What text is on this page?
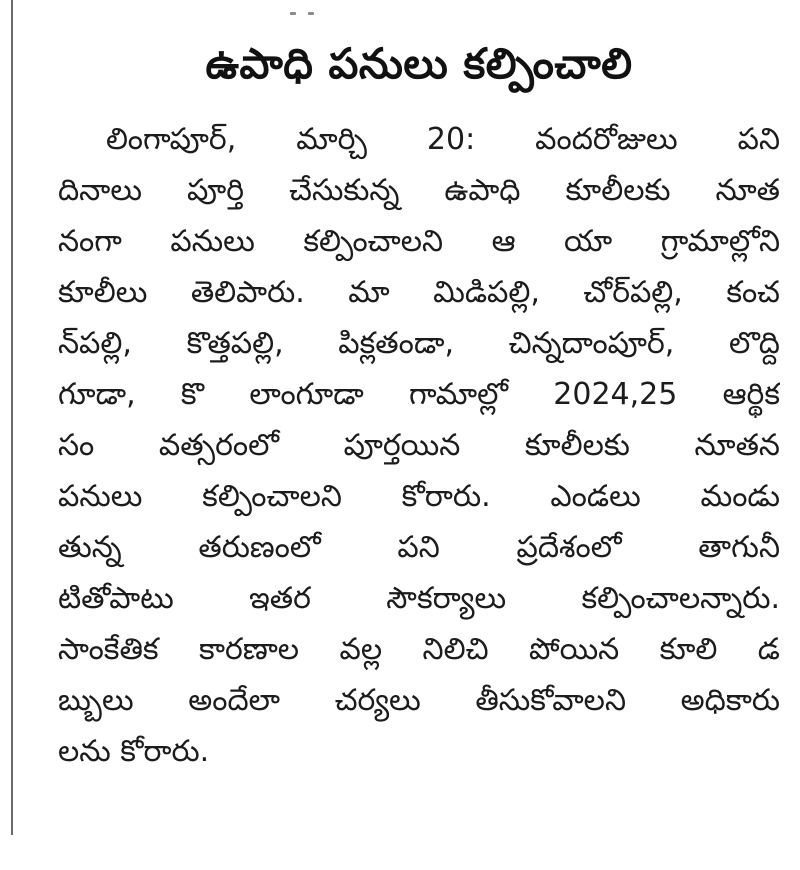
ఉపాధి పనులు కల్పించాలి
లింగాపూర్, మార్చి 20: వందరోజులు పని
దినాలు పూర్తి చేసుకున్న ఉపాధి కూలీలకు నూత
నంగా పనులు కల్పించాలని ఆ యా గ్రామాల్లోని
కూలీలు తెలిపారు. మా మిడిపల్లి, చోర్‌పల్లి, కంచ
న్‌పల్లి, కొత్తపల్లి, పిక్లతండా, చిన్నదాంపూర్, లొద్ది
గూడా, కొ లాంగూడా గామాల్లో 2024,25 ఆర్థిక
సం వత్సరంలో పూర్తయిన కూలీలకు నూతన
పనులు కల్పించాలని కోరారు. ఎండలు మండు
తున్న తరుణంలో పని ప్రదేశంలో తాగునీ
టితోపాటు ఇతర సౌకర్యాలు కల్పించాలన్నారు.
సాంకేతిక కారణాల వల్ల నిలిచి పోయిన కూలి డ
బ్బులు అందేలా చర్యలు తీసుకోవాలని అధికారు
లను కోరారు.
